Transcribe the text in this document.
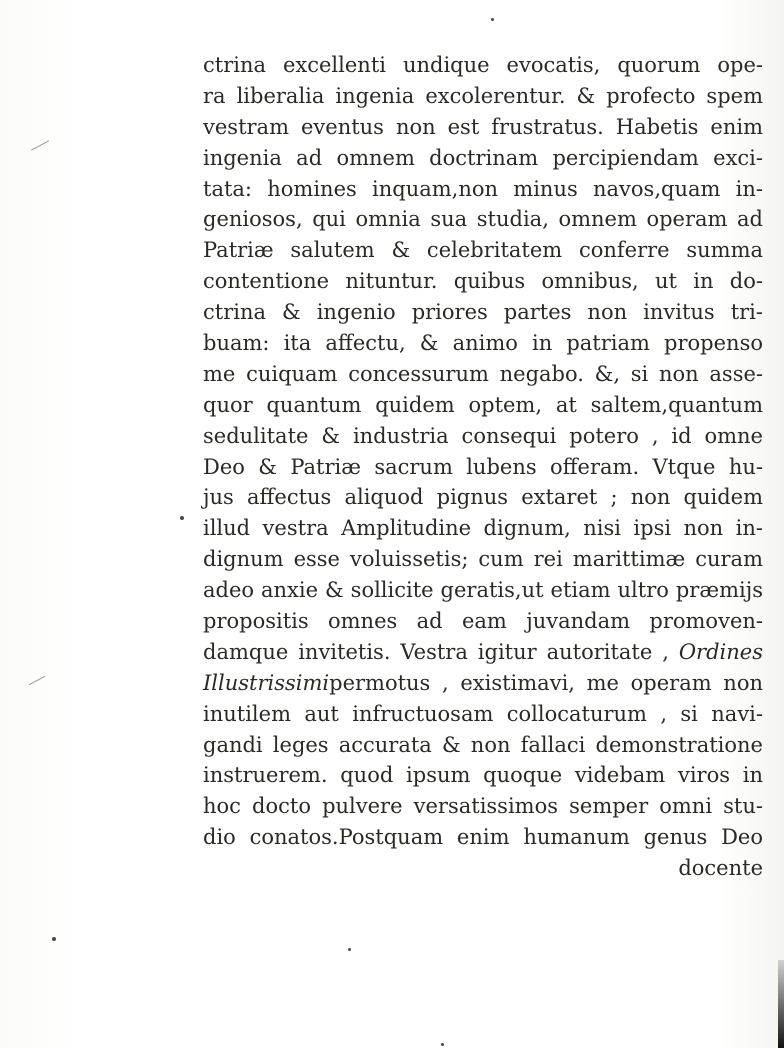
ctrina excellenti undique evocatis, quorum ope-
ra liberalia ingenia excolerentur. & profecto spem
vestram eventus non est frustratus. Habetis enim
ingenia ad omnem doctrinam percipiendam exci-
tata: homines inquam,non minus navos,quam in-
geniosos, qui omnia sua studia, omnem operam ad
Patriæ salutem & celebritatem conferre summa
contentione nituntur. quibus omnibus, ut in do-
ctrina & ingenio priores partes non invitus tri-
buam: ita affectu, & animo in patriam propenso
me cuiquam concessurum negabo. &, si non asse-
quor quantum quidem optem, at saltem,quantum
sedulitate & industria consequi potero , id omne
Deo & Patriæ sacrum lubens offeram. Vtque hu-
jus affectus aliquod pignus extaret ; non quidem
illud vestra Amplitudine dignum, nisi ipsi non in-
dignum esse voluissetis; cum rei marittimæ curam
adeo anxie & sollicite geratis,ut etiam ultro præmijs
propositis omnes ad eam juvandam promoven-
damque invitetis. Vestra igitur autoritate , Ordines
Illustrissimipermotus , existimavi, me operam non
inutilem aut infructuosam collocaturum , si navi-
gandi leges accurata & non fallaci demonstratione
instruerem. quod ipsum quoque videbam viros in
hoc docto pulvere versatissimos semper omni stu-
dio conatos.Postquam enim humanum genus Deo
docente
